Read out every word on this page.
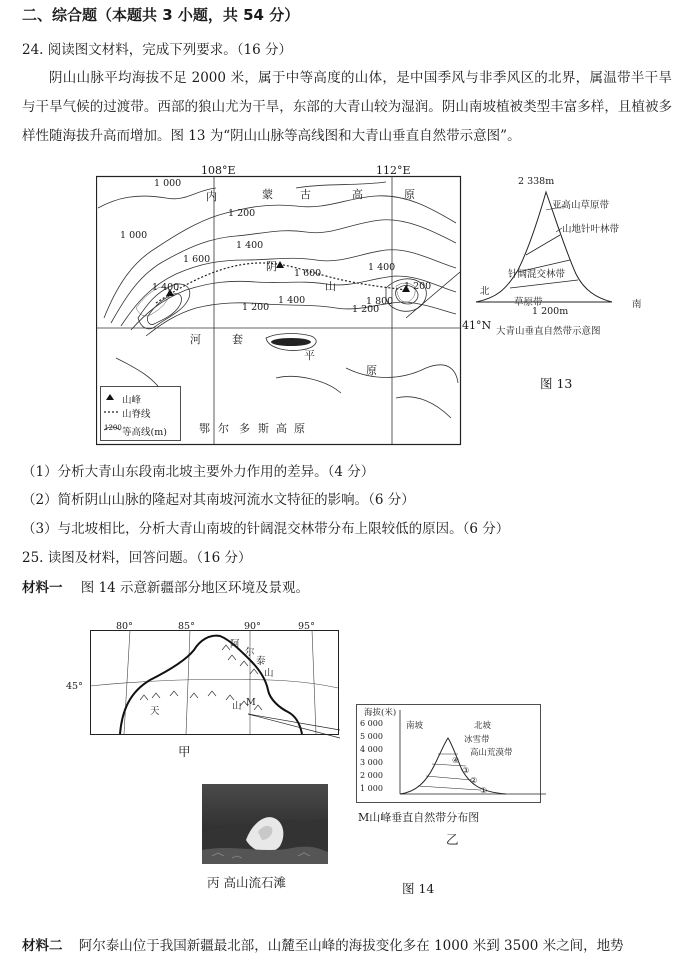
二、综合题（本题共 3 小题，共 54 分）
24. 阅读图文材料，完成下列要求。（16 分）
阴山山脉平均海拔不足 2000 米，属于中等高度的山体，是中国季风与非季风区的北界，属温带半干旱与干旱气候的过渡带。西部的狼山尤为干旱，东部的大青山较为湿润。阴山南坡植被类型丰富多样，且植被多样性随海拔升高而增加。图 13 为“阴山山脉等高线图和大青山垂直自然带示意图”。
108°E	112°E
41°N
内	蒙 古	高	原
河	套
平
原
鄂 尔 多 斯 高 原
阴
山
1 000
1 200
1 400
1 600
1 800
1 400
1 600
1 400
1 200
1 000
1 200
1 400	1 200
山峰
山脊线
等高线(m)
1200
2 338m
亚高山草原带
山地针叶林带
针阔混交林带
草原带
北
南
1 200m
大青山垂直自然带示意图
图 13
（1）分析大青山东段南北坡主要外力作用的差异。（4 分）
（2）简析阴山山脉的隆起对其南坡河流水文特征的影响。（6 分）
（3）与北坡相比，分析大青山南坡的针阔混交林带分布上限较低的原因。（6 分）
25. 读图及材料，回答问题。（16 分）
材料一 图 14 示意新疆部分地区环境及景观。
80°	85°	90°	95°
45°
阿
尔
泰
山
天	山 M
甲
海拔(米)
6 000
5 000
4 000
3 000
2 000
1 000
南坡	北坡
冰雪带
高山荒漠带
④
③
②
①
M山峰垂直自然带分布图
乙
丙 高山流石滩	图 14
材料二 阿尔泰山位于我国新疆最北部，山麓至山峰的海拔变化多在 1000 米到 3500 米之间，地势
